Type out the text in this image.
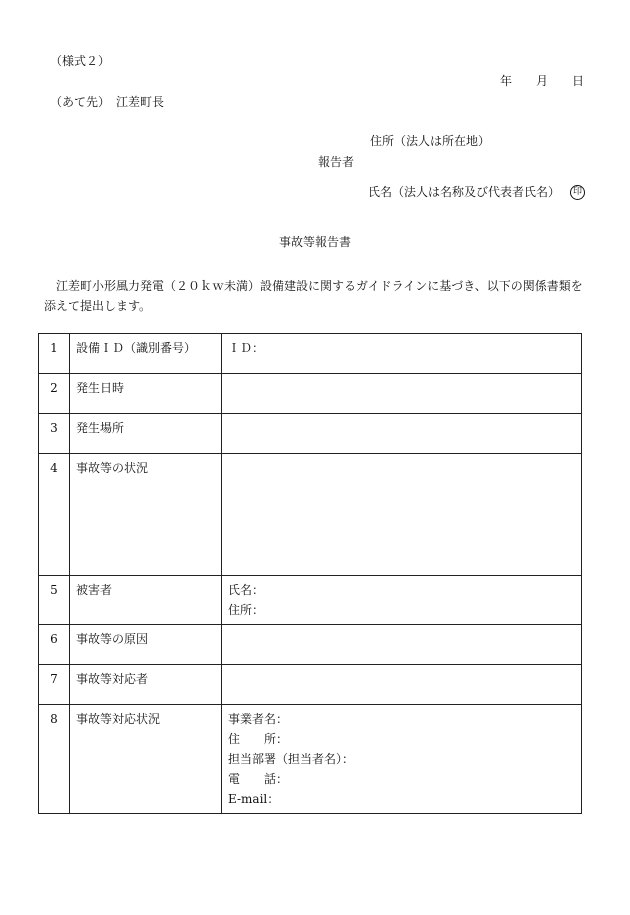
（様式２）
年　　月　　日
（あて先）　江差町長
住所（法人は所在地）
報告者
氏名（法人は名称及び代表者氏名） 印
事故等報告書
江差町小形風力発電（２０ｋｗ未満）設備建設に関するガイドラインに基づき、以下の関係書類を添えて提出します。
1	設備ＩＤ（識別番号）	ＩＤ：

2	発生日時	
3	発生場所	
4	事故等の状況	
5	被害者	氏名：
住所：

6	事故等の原因	
7	事故等対応者	
8	事故等対応状況	事業者名：
住　　所：
担当部署（担当者名）：
電　　話：
E-mail：
